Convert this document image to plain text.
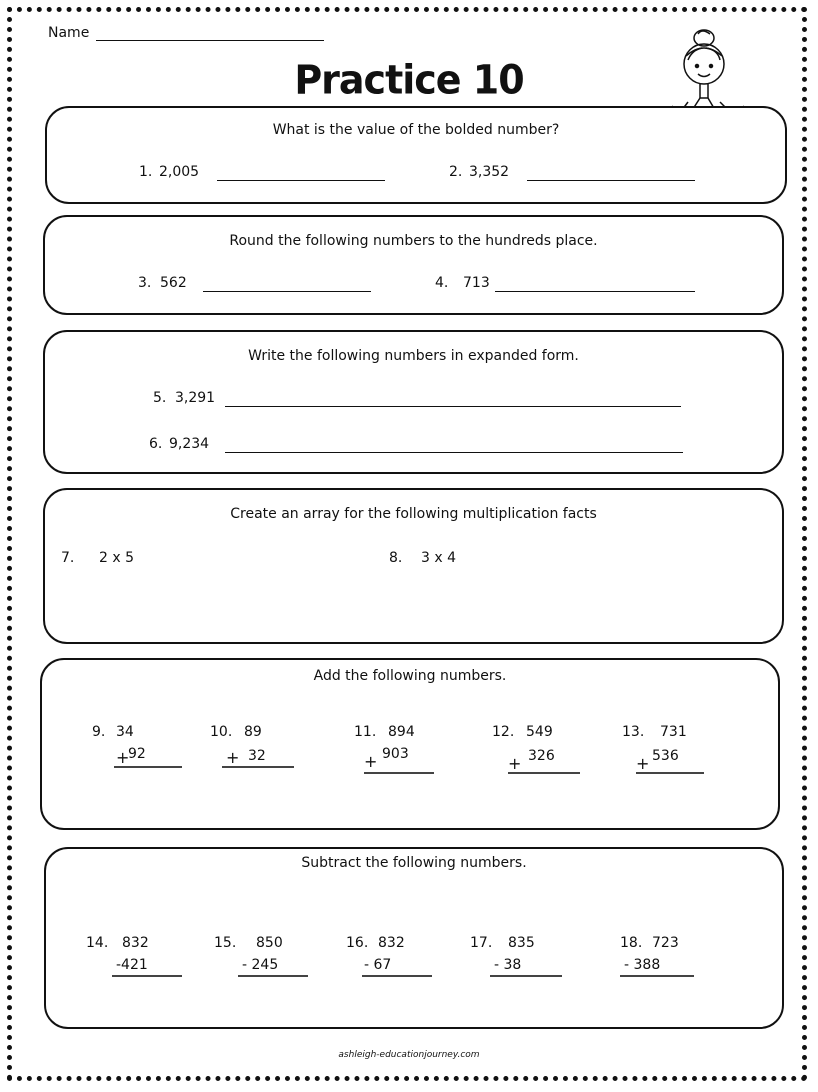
Name
Practice 10
What is the value of the bolded number?
1. 2,005	2. 3,352
Round the following numbers to the hundreds place.
3. 562	4. 713
Write the following numbers in expanded form.
5. 3,291
6. 9,234
Create an array for the following multiplication facts
7. 2 x 5	8. 3 x 4
Add the following numbers.
9. 34
+
92
10. 89
+ 32
11. 894
+ 903
12. 549
+ 326
13. 731
+ 536
Subtract the following numbers.
14. 832
-421
15. 850
- 245
16. 832
- 67
17. 835
- 38
18. 723
- 388
ashleigh-educationjourney.com
